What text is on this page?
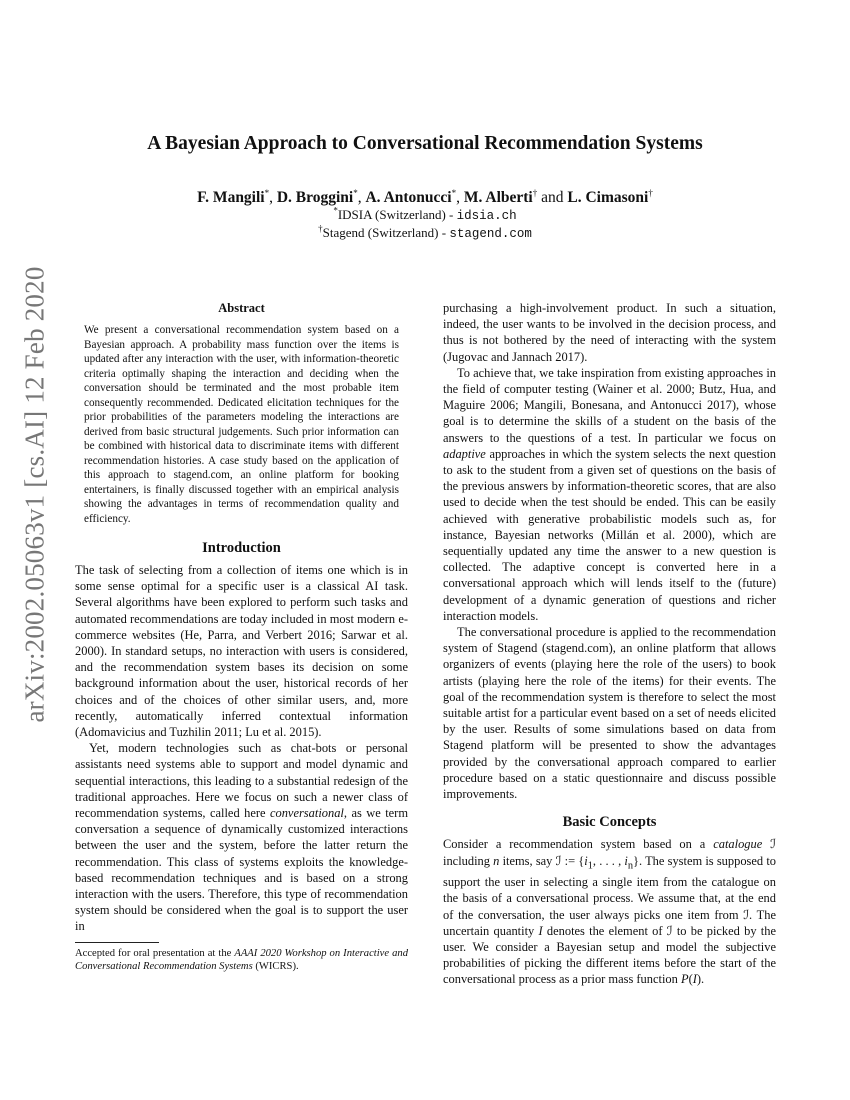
arXiv:2002.05063v1 [cs.AI] 12 Feb 2020
A Bayesian Approach to Conversational Recommendation Systems
F. Mangili*, D. Broggini*, A. Antonucci*, M. Alberti† and L. Cimasoni†
*IDSIA (Switzerland) - idsia.ch
†Stagend (Switzerland) - stagend.com
Abstract

We present a conversational recommendation system based on a Bayesian approach. A probability mass function over the items is updated after any interaction with the user, with information-theoretic criteria optimally shaping the interaction and deciding when the conversation should be terminated and the most probable item consequently recommended. Dedicated elicitation techniques for the prior probabilities of the parameters modeling the interactions are derived from basic structural judgements. Such prior information can be combined with historical data to discriminate items with different recommendation histories. A case study based on the application of this approach to stagend.com, an online platform for booking entertainers, is finally discussed together with an empirical analysis showing the advantages in terms of recommendation quality and efficiency.

Introduction

The task of selecting from a collection of items one which is in some sense optimal for a specific user is a classical AI task. Several algorithms have been explored to perform such tasks and automated recommendations are today included in most modern e-commerce websites (He, Parra, and Verbert 2016; Sarwar et al. 2000). In standard setups, no interaction with users is considered, and the recommendation system bases its decision on some background information about the user, historical records of her choices and of the choices of other similar users, and, more recently, automatically inferred contextual information (Adomavicius and Tuzhilin 2011; Lu et al. 2015).

Yet, modern technologies such as chat-bots or personal assistants need systems able to support and model dynamic and sequential interactions, this leading to a substantial redesign of the traditional approaches. Here we focus on such a newer class of recommendation systems, called here conversational, as we term conversation a sequence of dynamically customized interactions between the user and the system, before the latter return the recommendation. This class of systems exploits the knowledge-based recommendation techniques and is based on a strong interaction with the users. Therefore, this type of recommendation system should be considered when the goal is to support the user in

Accepted for oral presentation at the AAAI 2020 Workshop on Interactive and Conversational Recommendation Systems (WICRS).

purchasing a high-involvement product. In such a situation, indeed, the user wants to be involved in the decision process, and thus is not bothered by the need of interacting with the system (Jugovac and Jannach 2017).

To achieve that, we take inspiration from existing approaches in the field of computer testing (Wainer et al. 2000; Butz, Hua, and Maguire 2006; Mangili, Bonesana, and Antonucci 2017), whose goal is to determine the skills of a student on the basis of the answers to the questions of a test. In particular we focus on adaptive approaches in which the system selects the next question to ask to the student from a given set of questions on the basis of the previous answers by information-theoretic scores, that are also used to decide when the test should be ended. This can be easily achieved with generative probabilistic models such as, for instance, Bayesian networks (Millán et al. 2000), which are sequentially updated any time the answer to a new question is collected. The adaptive concept is converted here in a conversational approach which will lends itself to the (future) development of a dynamic generation of questions and richer interaction models.

The conversational procedure is applied to the recommendation system of Stagend (stagend.com), an online platform that allows organizers of events (playing here the role of the users) to book artists (playing here the role of the items) for their events. The goal of the recommendation system is therefore to select the most suitable artist for a particular event based on a set of needs elicited by the user. Results of some simulations based on data from Stagend platform will be presented to show the advantages provided by the conversational approach compared to earlier procedure based on a static questionnaire and discuss possible improvements.

Basic Concepts

Consider a recommendation system based on a catalogue ℐ including n items, say ℐ := {$i_1$, . . . , $i_n$}. The system is supposed to support the user in selecting a single item from the catalogue on the basis of a conversational process. We assume that, at the end of the conversation, the user always picks one item from ℐ. The uncertain quantity I denotes the element of ℐ to be picked by the user. We consider a Bayesian setup and model the subjective probabilities of picking the different items before the start of the conversational process as a prior mass function P(I).
